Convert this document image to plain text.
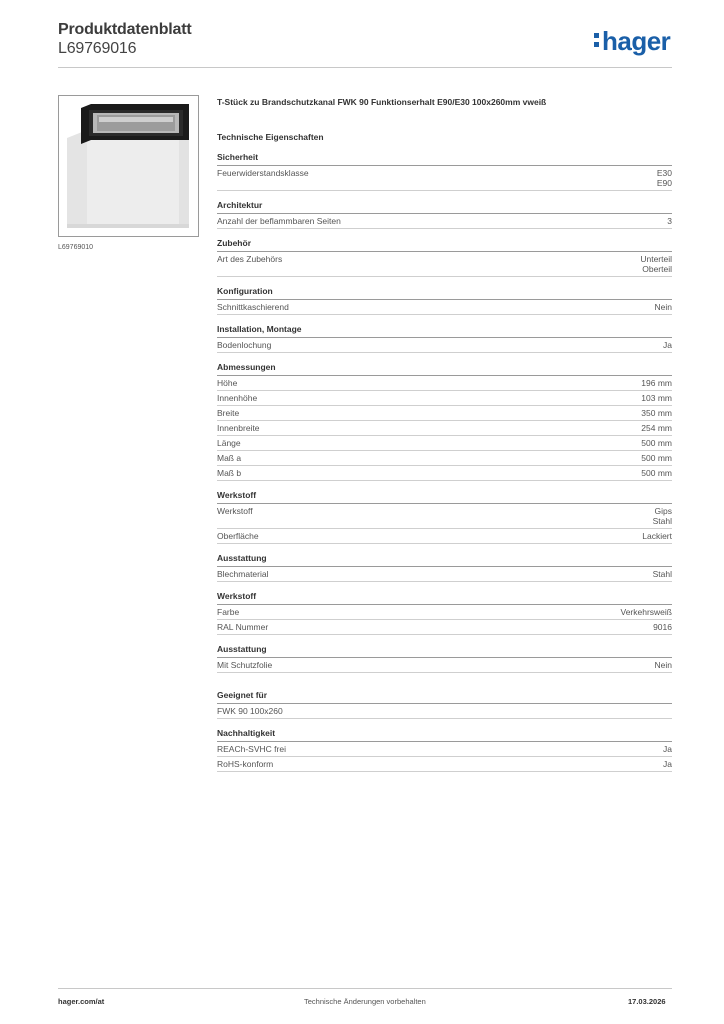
Produktdatenblatt
L69769016	hager
L69769010
T-Stück zu Brandschutzkanal FWK 90 Funktionserhalt E90/E30 100x260mm vweiß
Technische Eigenschaften
Sicherheit
Feuerwiderstandsklasse	E30
E90
Architektur
Anzahl der beflammbaren Seiten	3
Zubehör
Art des Zubehörs	Unterteil
Oberteil
Konfiguration
Schnittkaschierend	Nein
Installation, Montage
Bodenlochung	Ja
Abmessungen
Höhe	196 mm
Innenhöhe	103 mm
Breite	350 mm
Innenbreite	254 mm
Länge	500 mm
Maß a	500 mm
Maß b	500 mm
Werkstoff
Werkstoff	Gips
Stahl
Oberfläche	Lackiert
Ausstattung
Blechmaterial	Stahl
Werkstoff
Farbe	Verkehrsweiß
RAL Nummer	9016
Ausstattung
Mit Schutzfolie	Nein
Geeignet für
FWK 90 100x260
Nachhaltigkeit
REACh-SVHC frei	Ja
RoHS-konform	Ja
hager.com/at	Technische Änderungen vorbehalten	17.03.2026
